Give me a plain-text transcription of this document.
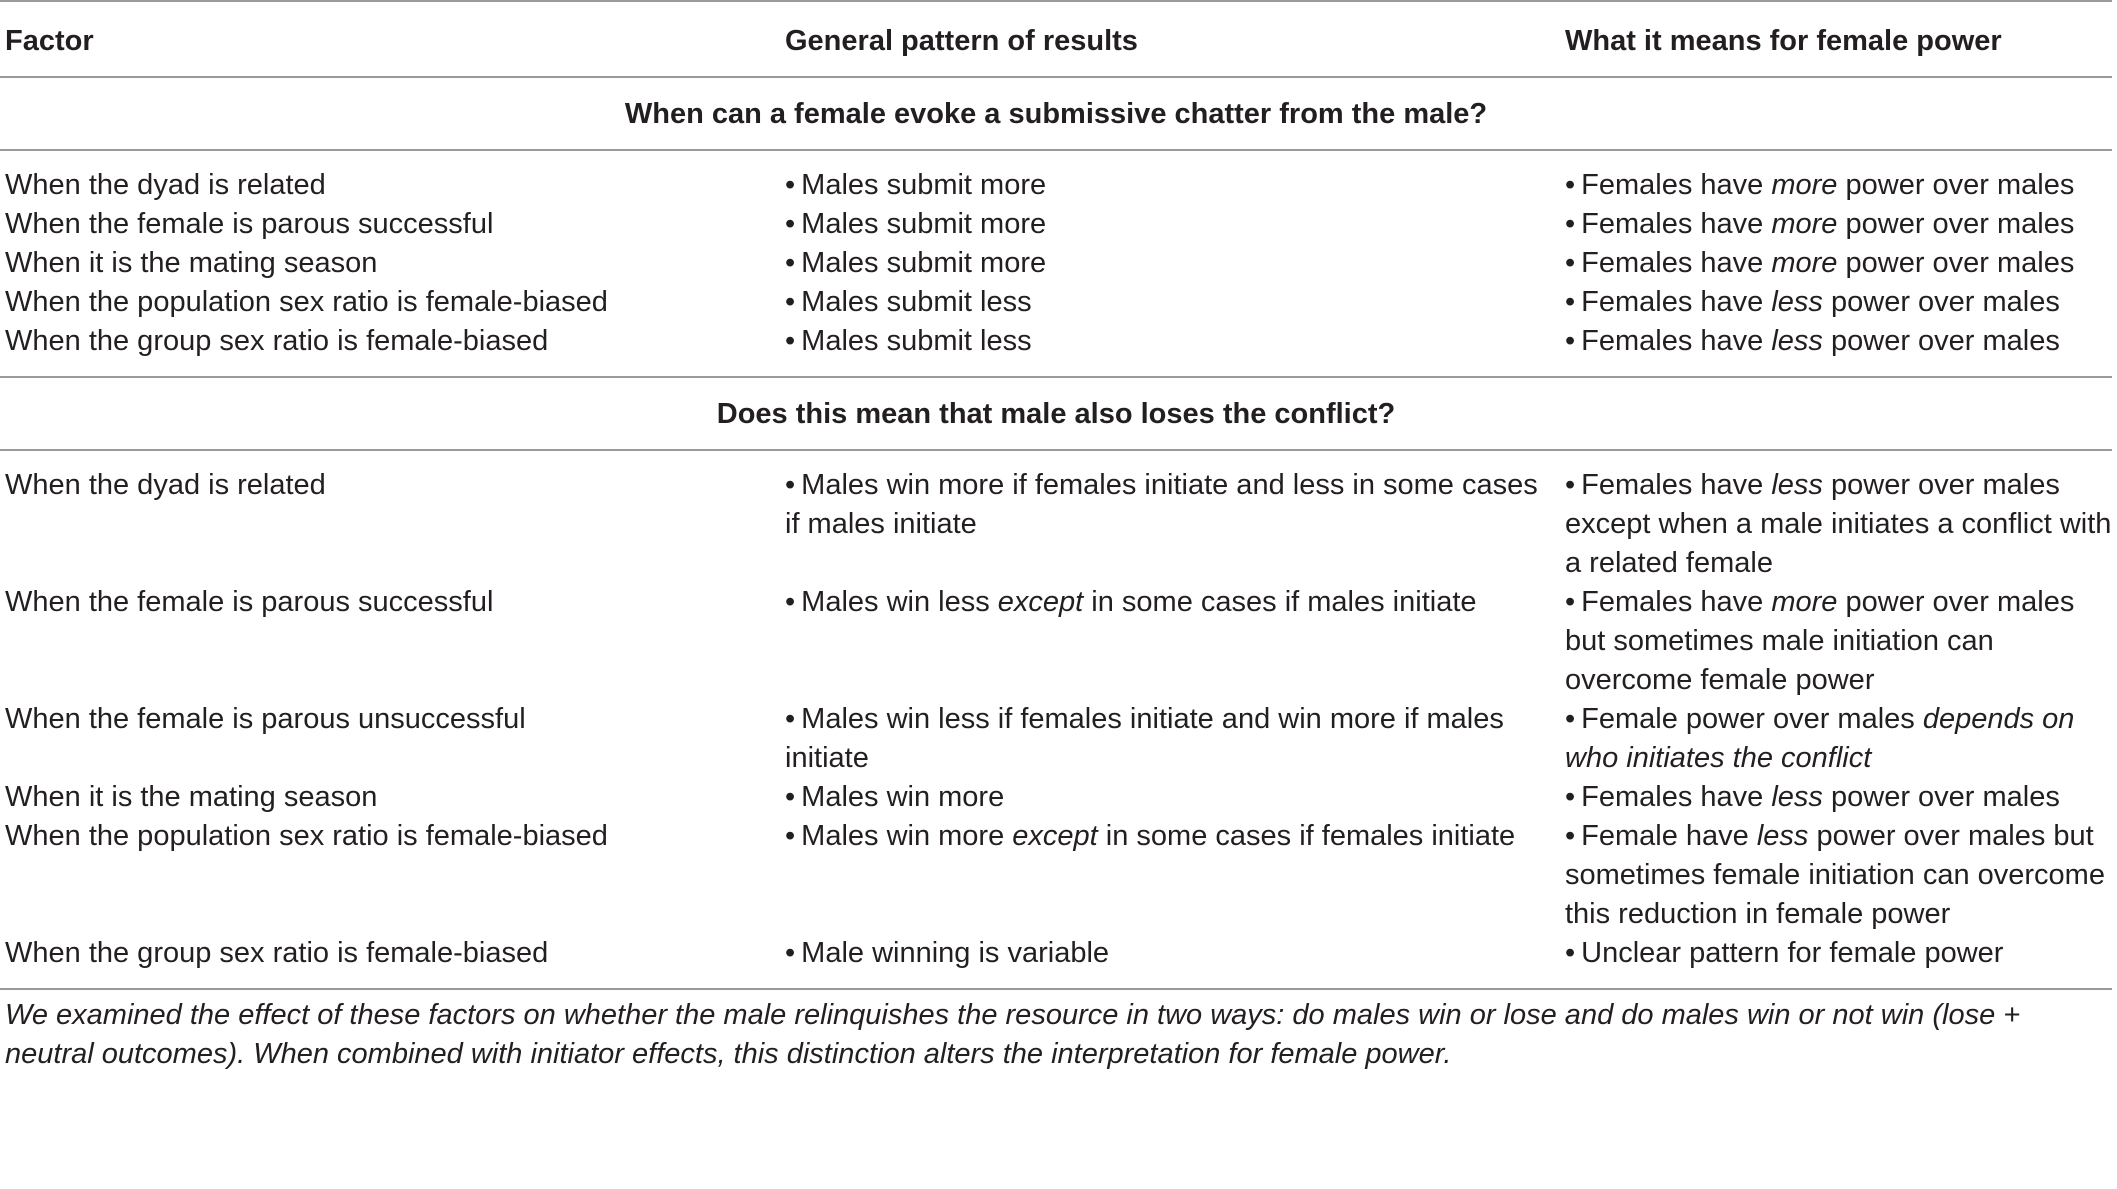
Factor	General pattern of results	What it means for female power
When can a female evoke a submissive chatter from the male?		
When the dyad is related	• Males submit more	• Females have more power over males
When the female is parous successful	• Males submit more	• Females have more power over males
When it is the mating season	• Males submit more	• Females have more power over males
When the population sex ratio is female-biased	• Males submit less	• Females have less power over males
When the group sex ratio is female-biased	• Males submit less	• Females have less power over males
Does this mean that male also loses the conflict?		
When the dyad is related	• Males win more if females initiate and less in some cases if males initiate	• Females have less power over males except when a male initiates a conflict with a related female
When the female is parous successful	• Males win less except in some cases if males initiate	• Females have more power over males but sometimes male initiation can overcome female power
When the female is parous unsuccessful	• Males win less if females initiate and win more if males initiate	• Female power over males depends on who initiates the conflict
When it is the mating season	• Males win more	• Females have less power over males
When the population sex ratio is female-biased	• Males win more except in some cases if females initiate	• Female have less power over males but sometimes female initiation can overcome this reduction in female power
When the group sex ratio is female-biased	• Male winning is variable	• Unclear pattern for female power
We examined the effect of these factors on whether the male relinquishes the resource in two ways: do males win or lose and do males win or not win (lose + neutral outcomes). When combined with initiator effects, this distinction alters the interpretation for female power.
